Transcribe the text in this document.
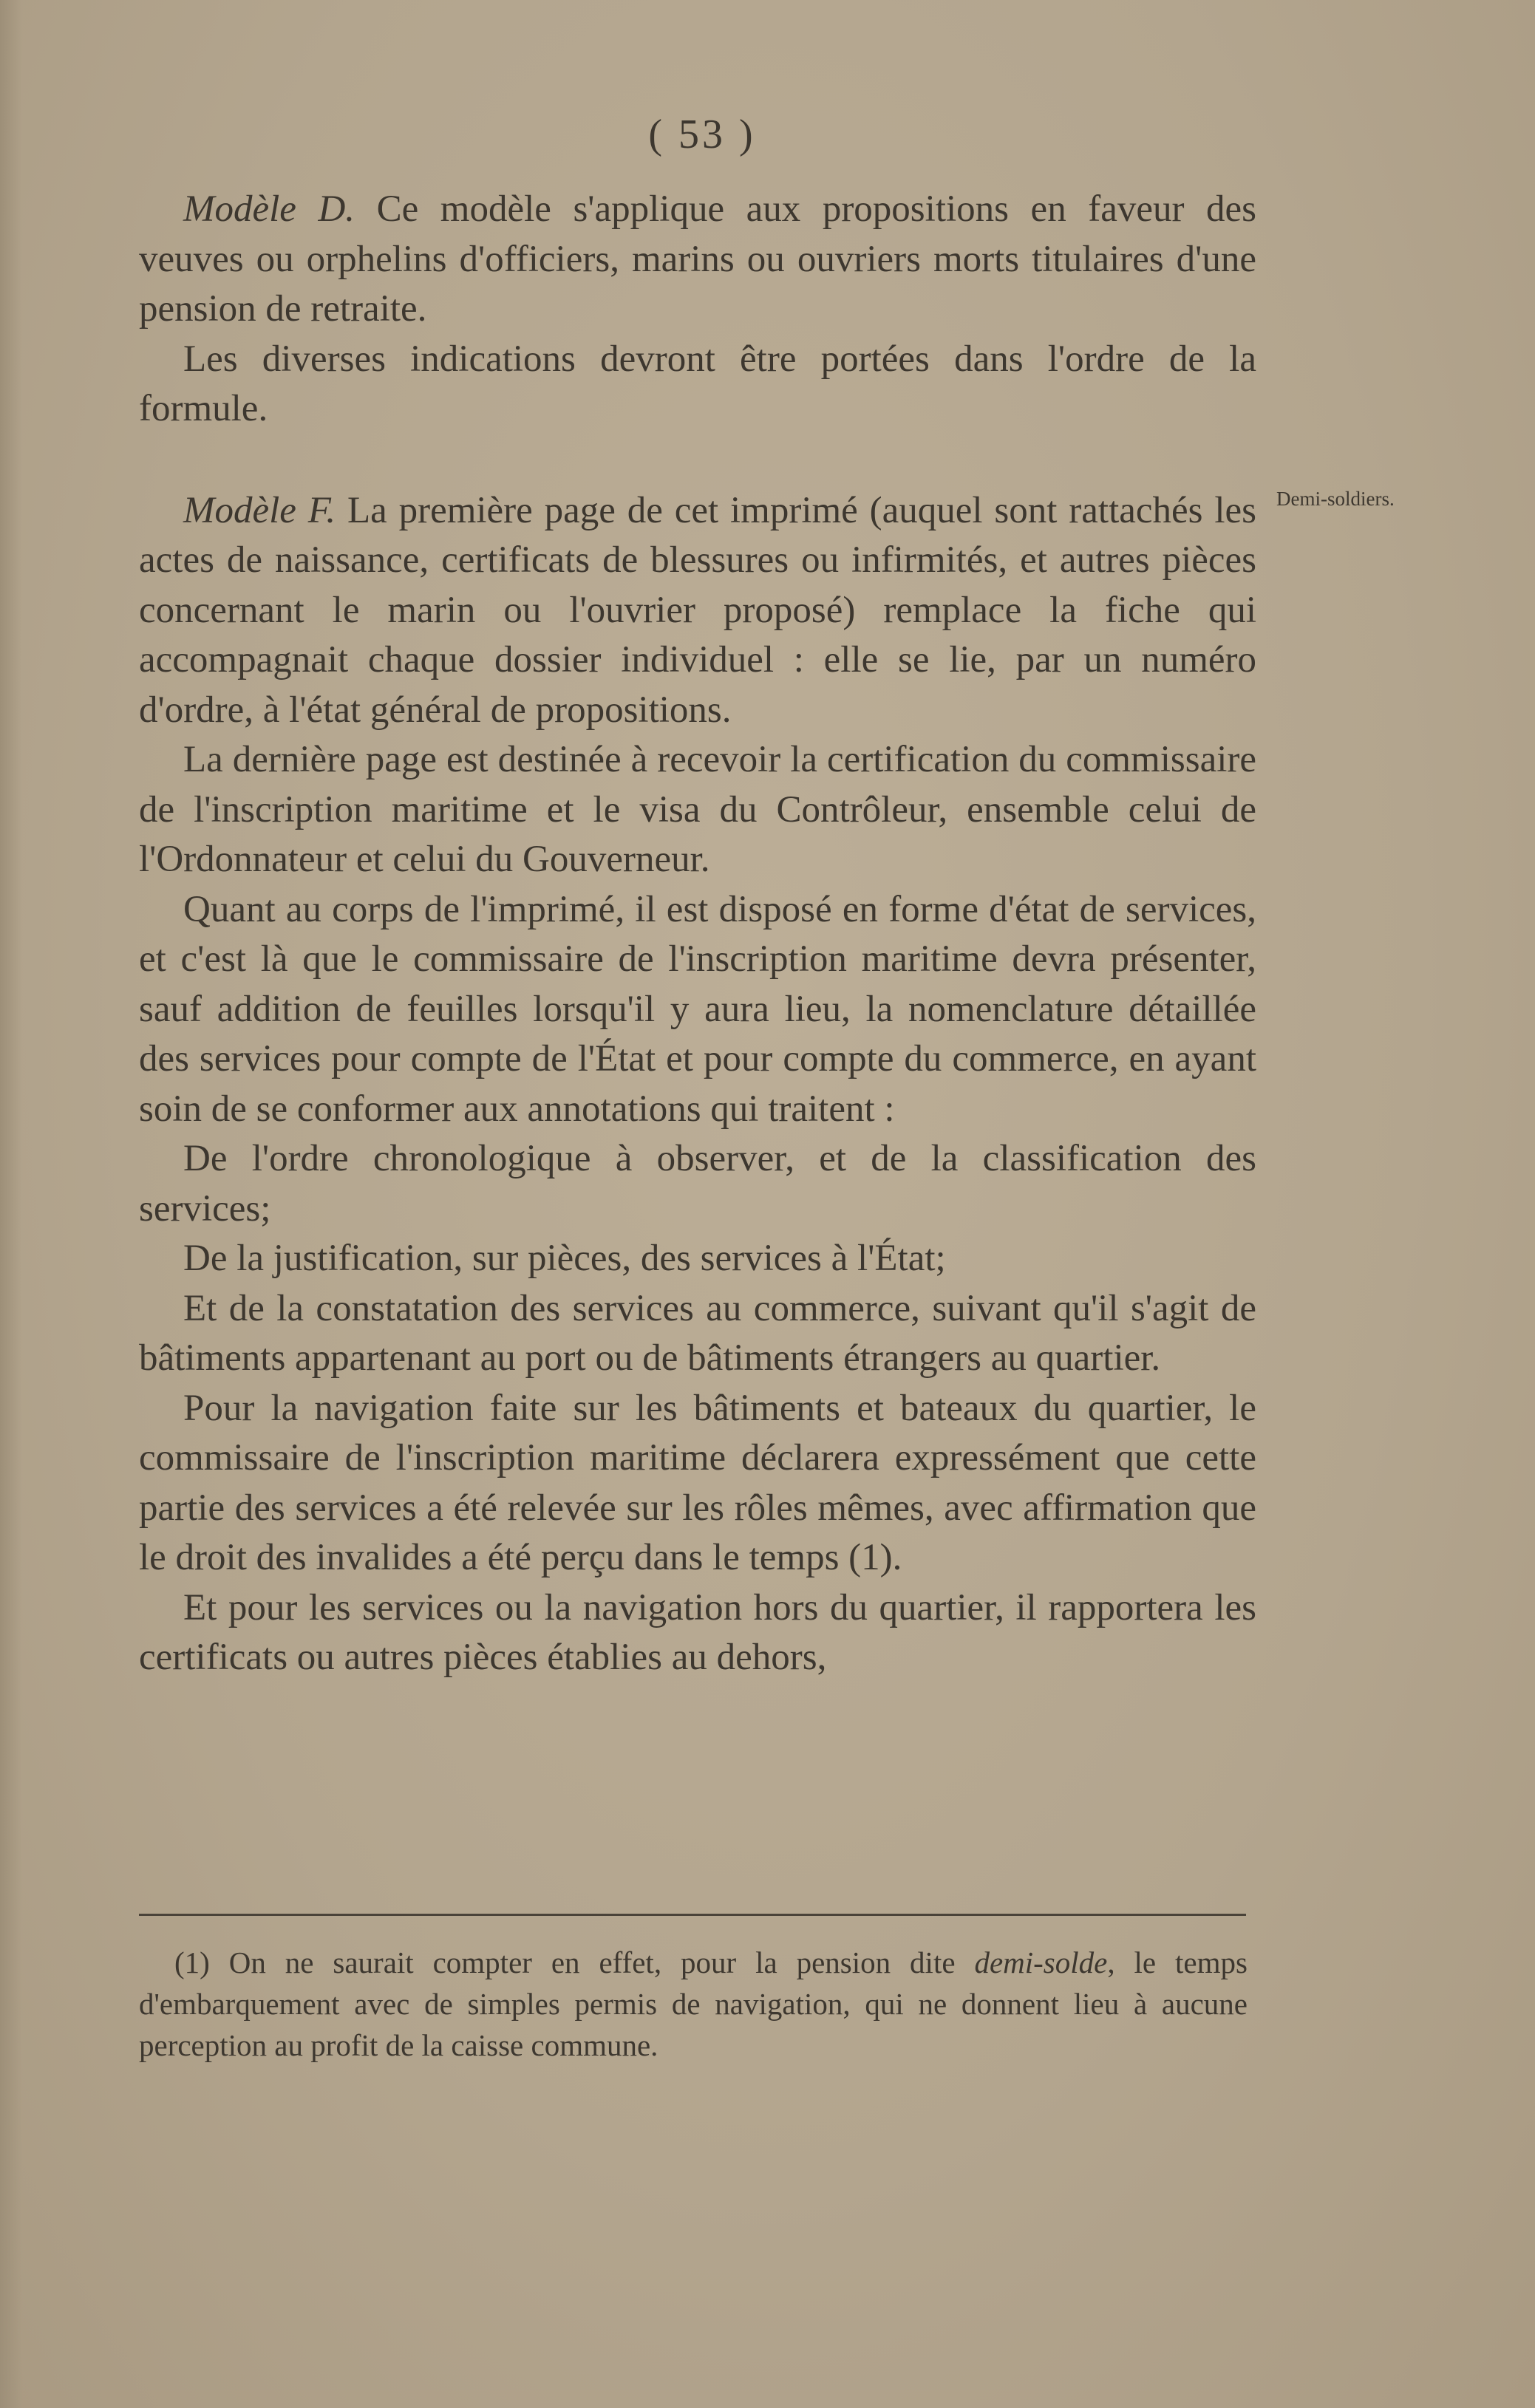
( 53 )
Demi-soldiers.

Modèle D. Ce modèle s'applique aux propositions en faveur des veuves ou orphelins d'officiers, marins ou ouvriers morts titulaires d'une pension de retraite.

Les diverses indications devront être portées dans l'ordre de la formule.

Modèle F. La première page de cet imprimé (auquel sont rattachés les actes de naissance, certificats de blessures ou infirmités, et autres pièces concernant le marin ou l'ouvrier proposé) remplace la fiche qui accompagnait chaque dossier individuel : elle se lie, par un numéro d'ordre, à l'état général de propositions.

La dernière page est destinée à recevoir la certification du commissaire de l'inscription maritime et le visa du Contrôleur, ensemble celui de l'Ordonnateur et celui du Gouverneur.

Quant au corps de l'imprimé, il est disposé en forme d'état de services, et c'est là que le commissaire de l'inscription maritime devra présenter, sauf addition de feuilles lorsqu'il y aura lieu, la nomenclature détaillée des services pour compte de l'État et pour compte du commerce, en ayant soin de se conformer aux annotations qui traitent :

De l'ordre chronologique à observer, et de la classification des services;

De la justification, sur pièces, des services à l'État;

Et de la constatation des services au commerce, suivant qu'il s'agit de bâtiments appartenant au port ou de bâtiments étrangers au quartier.

Pour la navigation faite sur les bâtiments et bateaux du quartier, le commissaire de l'inscription maritime déclarera expressément que cette partie des services a été relevée sur les rôles mêmes, avec affirmation que le droit des invalides a été perçu dans le temps (1).

Et pour les services ou la navigation hors du quartier, il rapportera les certificats ou autres pièces établies au dehors,

(1) On ne saurait compter en effet, pour la pension dite demi-solde, le temps d'embarquement avec de simples permis de navigation, qui ne donnent lieu à aucune perception au profit de la caisse commune.
